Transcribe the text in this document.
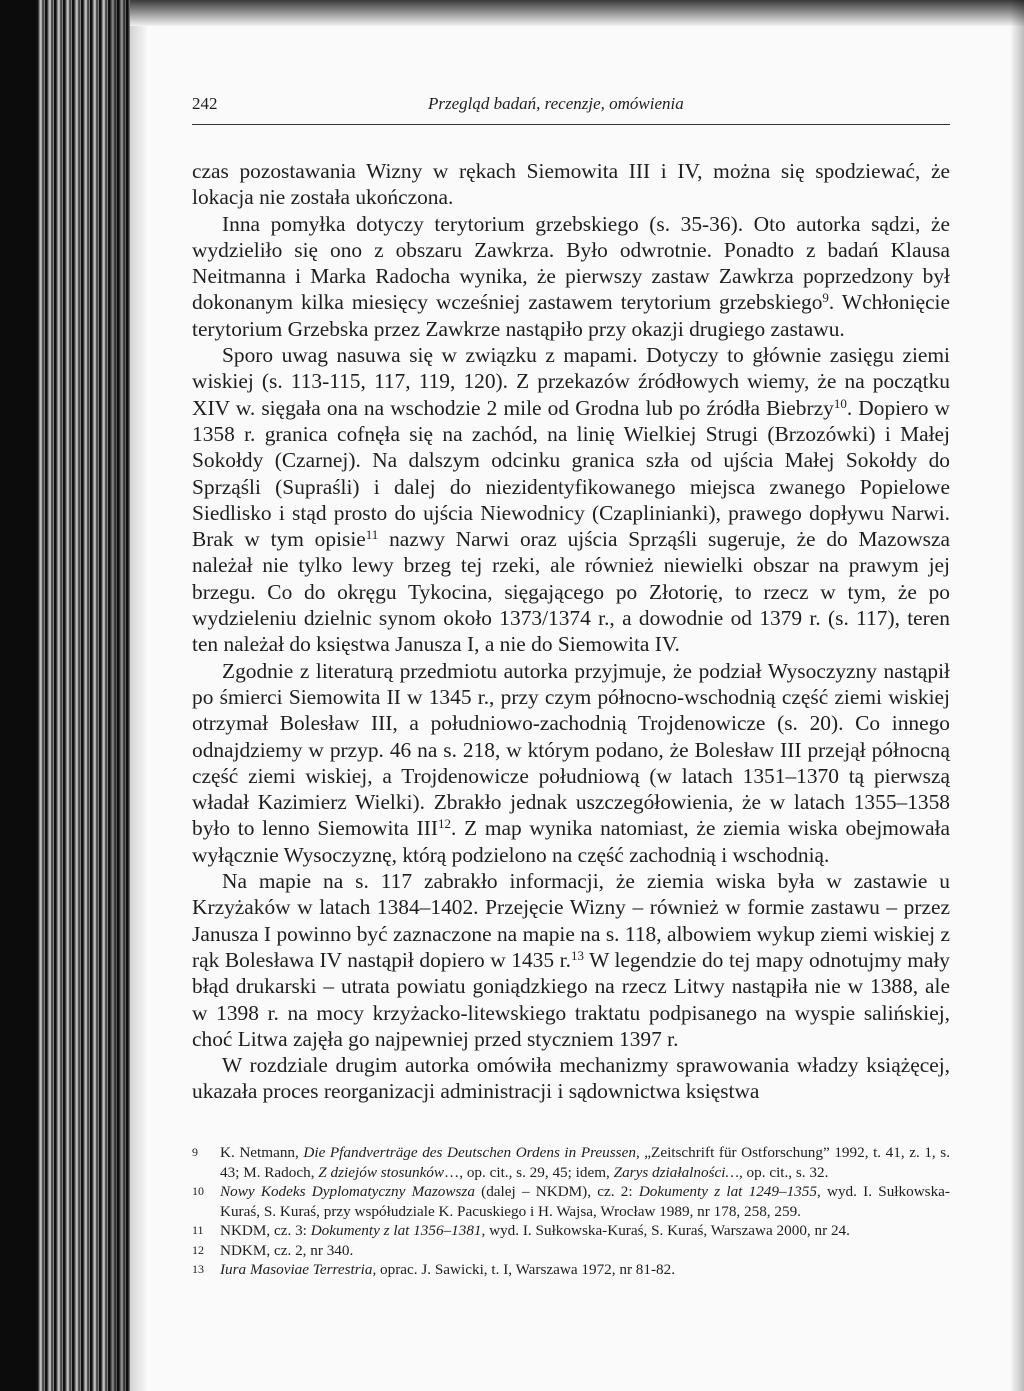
242	Przegląd badań, recenzje, omówienia

czas pozostawania Wizny w rękach Siemowita III i IV, można się spodziewać, że lokacja nie została ukończona.

Inna pomyłka dotyczy terytorium grzebskiego (s. 35-36). Oto autorka sądzi, że wydzieliło się ono z obszaru Zawkrza. Było odwrotnie. Ponadto z badań Klausa Neitmanna i Marka Radocha wynika, że pierwszy zastaw Zawkrza poprzedzony był dokonanym kilka miesięcy wcześniej zastawem terytorium grzebskiego$^9$. Wchłonięcie terytorium Grzebska przez Zawkrze nastąpiło przy okazji drugiego zastawu.

Sporo uwag nasuwa się w związku z mapami. Dotyczy to głównie zasięgu ziemi wiskiej (s. 113-115, 117, 119, 120). Z przekazów źródłowych wiemy, że na początku XIV w. sięgała ona na wschodzie 2 mile od Grodna lub po źródła Biebrzy$^{10}$. Dopiero w 1358 r. granica cofnęła się na zachód, na linię Wielkiej Strugi (Brzozówki) i Małej Sokołdy (Czarnej). Na dalszym odcinku granica szła od ujścia Małej Sokołdy do Sprząśli (Supraśli) i dalej do niezidentyfikowanego miejsca zwanego Popielowe Siedlisko i stąd prosto do ujścia Niewodnicy (Czaplinianki), prawego dopływu Narwi. Brak w tym opisie$^{11}$ nazwy Narwi oraz ujścia Sprząśli sugeruje, że do Mazowsza należał nie tylko lewy brzeg tej rzeki, ale również niewielki obszar na prawym jej brzegu. Co do okręgu Tykocina, sięgającego po Złotorię, to rzecz w tym, że po wydzieleniu dzielnic synom około 1373/1374 r., a dowodnie od 1379 r. (s. 117), teren ten należał do księstwa Janusza I, a nie do Siemowita IV.

Zgodnie z literaturą przedmiotu autorka przyjmuje, że podział Wysoczyzny nastąpił po śmierci Siemowita II w 1345 r., przy czym północno-wschodnią część ziemi wiskiej otrzymał Bolesław III, a południowo-zachodnią Trojdenowicze (s. 20). Co innego odnajdziemy w przyp. 46 na s. 218, w którym podano, że Bolesław III przejął północną część ziemi wiskiej, a Trojdenowicze południową (w latach 1351–1370 tą pierwszą władał Kazimierz Wielki). Zbrakło jednak uszczegółowienia, że w latach 1355–1358 było to lenno Siemowita III$^{12}$. Z map wynika natomiast, że ziemia wiska obejmowała wyłącznie Wysoczyznę, którą podzielono na część zachodnią i wschodnią.

Na mapie na s. 117 zabrakło informacji, że ziemia wiska była w zastawie u Krzyżaków w latach 1384–1402. Przejęcie Wizny – również w formie zastawu – przez Janusza I powinno być zaznaczone na mapie na s. 118, albowiem wykup ziemi wiskiej z rąk Bolesława IV nastąpił dopiero w 1435 r.$^{13}$ W legendzie do tej mapy odnotujmy mały błąd drukarski – utrata powiatu goniądzkiego na rzecz Litwy nastąpiła nie w 1388, ale w 1398 r. na mocy krzyżacko-litewskiego traktatu podpisanego na wyspie salińskiej, choć Litwa zajęła go najpewniej przed styczniem 1397 r.

W rozdziale drugim autorka omówiła mechanizmy sprawowania władzy książęcej, ukazała proces reorganizacji administracji i sądownictwa księstwa

9 K. Netmann, Die Pfandverträge des Deutschen Ordens in Preussen, „Zeitschrift für Ostforschung” 1992, t. 41, z. 1, s. 43; M. Radoch, Z dziejów stosunków…, op. cit., s. 29, 45; idem, Zarys działalności…, op. cit., s. 32.
10 Nowy Kodeks Dyplomatyczny Mazowsza (dalej – NKDM), cz. 2: Dokumenty z lat 1249–1355, wyd. I. Sułkowska-Kuraś, S. Kuraś, przy współudziale K. Pacuskiego i H. Wajsa, Wrocław 1989, nr 178, 258, 259.
11 NKDM, cz. 3: Dokumenty z lat 1356–1381, wyd. I. Sułkowska-Kuraś, S. Kuraś, Warszawa 2000, nr 24.
12 NDKM, cz. 2, nr 340.
13 Iura Masoviae Terrestria, oprac. J. Sawicki, t. I, Warszawa 1972, nr 81-82.
